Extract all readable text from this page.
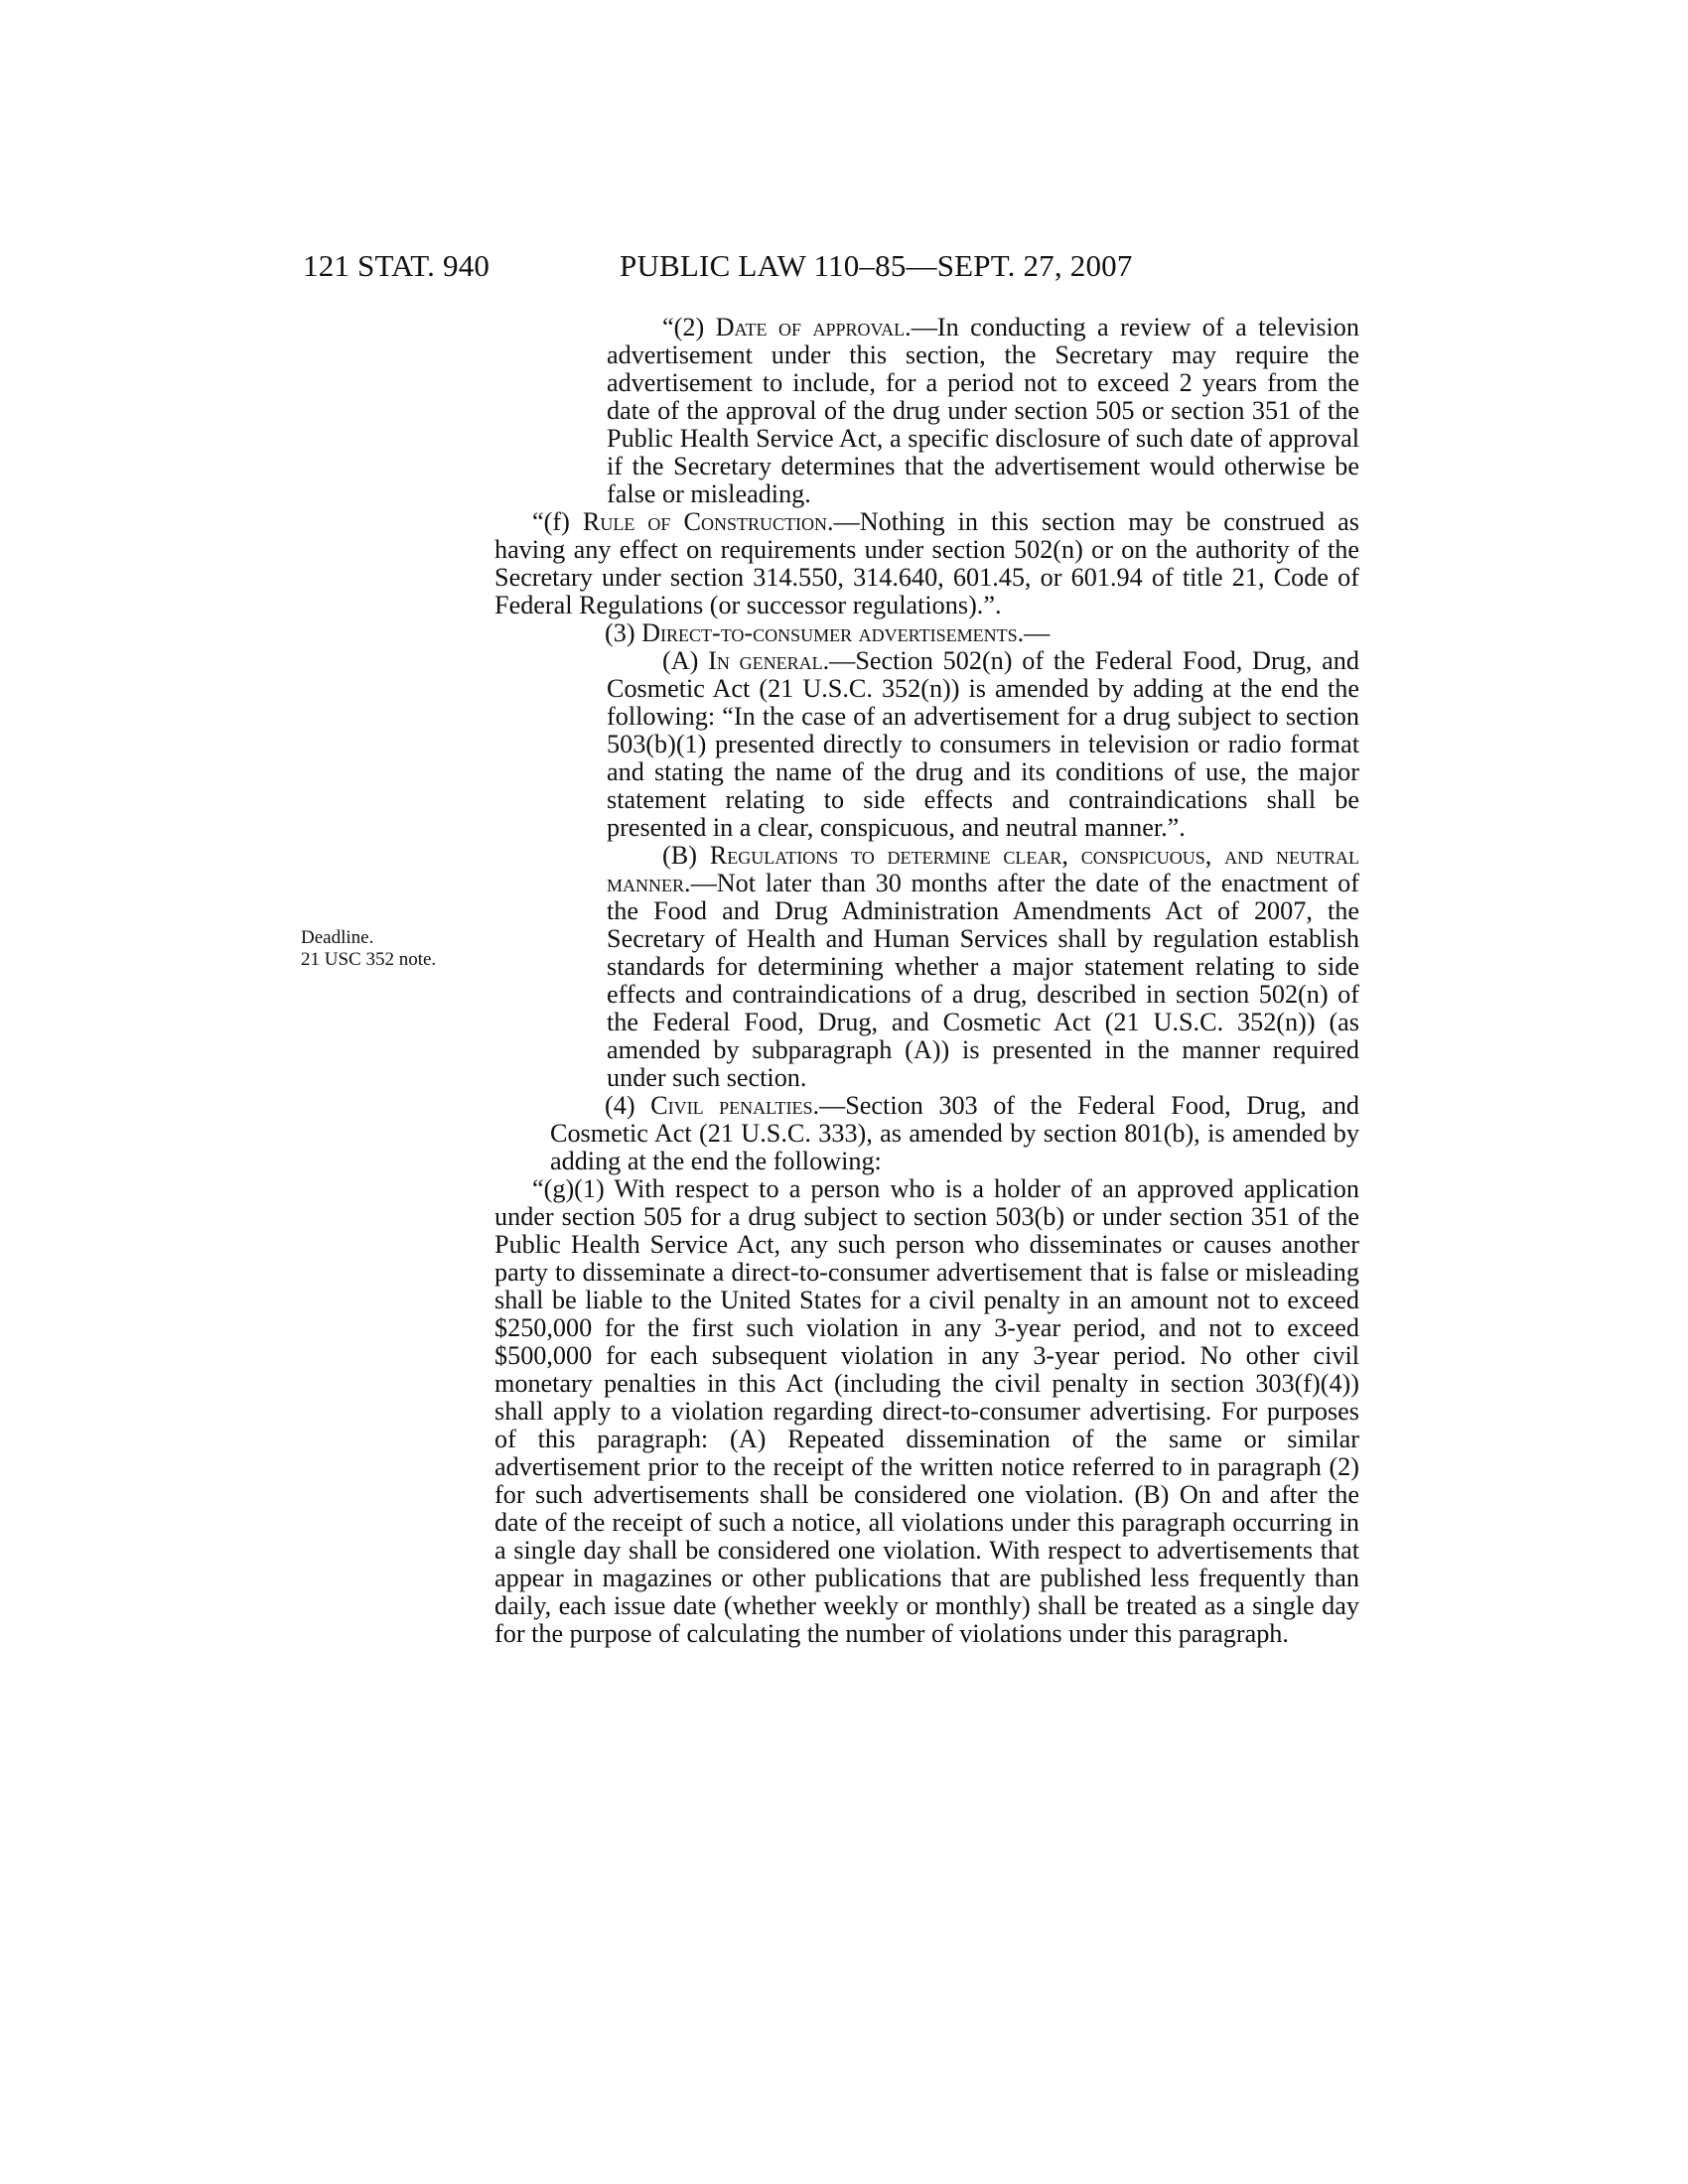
121 STAT. 940	PUBLIC LAW 110–85—SEPT. 27, 2007
Deadline.
21 USC 352 note.

“(2) Date of approval.—In conducting a review of a television advertisement under this section, the Secretary may require the advertisement to include, for a period not to exceed 2 years from the date of the approval of the drug under section 505 or section 351 of the Public Health Service Act, a specific disclosure of such date of approval if the Secretary determines that the advertisement would otherwise be false or misleading.

“(f) Rule of Construction.—Nothing in this section may be construed as having any effect on requirements under section 502(n) or on the authority of the Secretary under section 314.550, 314.640, 601.45, or 601.94 of title 21, Code of Federal Regulations (or successor regulations).”.

(3) Direct-to-consumer advertisements.—

(A) In general.—Section 502(n) of the Federal Food, Drug, and Cosmetic Act (21 U.S.C. 352(n)) is amended by adding at the end the following: “In the case of an advertisement for a drug subject to section 503(b)(1) presented directly to consumers in television or radio format and stating the name of the drug and its conditions of use, the major statement relating to side effects and contraindications shall be presented in a clear, conspicuous, and neutral manner.”.

(B) Regulations to determine clear, conspicuous, and neutral manner.—Not later than 30 months after the date of the enactment of the Food and Drug Administration Amendments Act of 2007, the Secretary of Health and Human Services shall by regulation establish standards for determining whether a major statement relating to side effects and contraindications of a drug, described in section 502(n) of the Federal Food, Drug, and Cosmetic Act (21 U.S.C. 352(n)) (as amended by subparagraph (A)) is presented in the manner required under such section.

(4) Civil penalties.—Section 303 of the Federal Food, Drug, and Cosmetic Act (21 U.S.C. 333), as amended by section 801(b), is amended by adding at the end the following:

“(g)(1) With respect to a person who is a holder of an approved application under section 505 for a drug subject to section 503(b) or under section 351 of the Public Health Service Act, any such person who disseminates or causes another party to disseminate a direct-to-consumer advertisement that is false or misleading shall be liable to the United States for a civil penalty in an amount not to exceed $250,000 for the first such violation in any 3-year period, and not to exceed $500,000 for each subsequent violation in any 3-year period. No other civil monetary penalties in this Act (including the civil penalty in section 303(f)(4)) shall apply to a violation regarding direct-to-consumer advertising. For purposes of this paragraph: (A) Repeated dissemination of the same or similar advertisement prior to the receipt of the written notice referred to in paragraph (2) for such advertisements shall be considered one violation. (B) On and after the date of the receipt of such a notice, all violations under this paragraph occurring in a single day shall be considered one violation. With respect to advertisements that appear in magazines or other publications that are published less frequently than daily, each issue date (whether weekly or monthly) shall be treated as a single day for the purpose of calculating the number of violations under this paragraph.
